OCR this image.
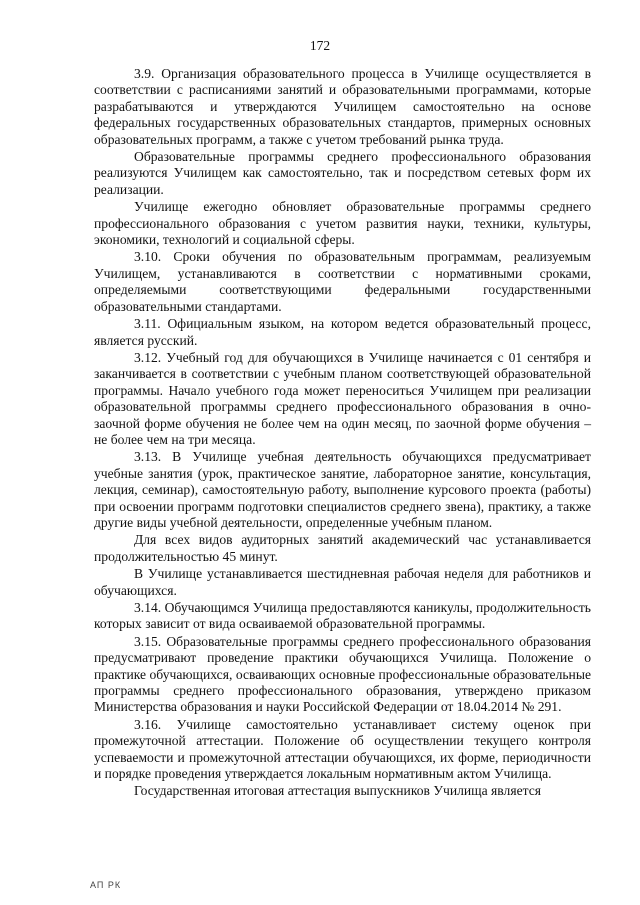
172

3.9. Организация образовательного процесса в Училище осуществляется в соответствии с расписаниями занятий и образовательными программами, которые разрабатываются и утверждаются Училищем самостоятельно на основе федеральных государственных образовательных стандартов, примерных основных образовательных программ, а также с учетом требований рынка труда.

Образовательные программы среднего профессионального образования реализуются Училищем как самостоятельно, так и посредством сетевых форм их реализации.

Училище ежегодно обновляет образовательные программы среднего профессионального образования с учетом развития науки, техники, культуры, экономики, технологий и социальной сферы.

3.10. Сроки обучения по образовательным программам, реализуемым Училищем, устанавливаются в соответствии с нормативными сроками, определяемыми соответствующими федеральными государственными образовательными стандартами.

3.11. Официальным языком, на котором ведется образовательный процесс, является русский.

3.12. Учебный год для обучающихся в Училище начинается с 01 сентября и заканчивается в соответствии с учебным планом соответствующей образовательной программы. Начало учебного года может переноситься Училищем при реализации образовательной программы среднего профессионального образования в очно-заочной форме обучения не более чем на один месяц, по заочной форме обучения – не более чем на три месяца.

3.13. В Училище учебная деятельность обучающихся предусматривает учебные занятия (урок, практическое занятие, лабораторное занятие, консультация, лекция, семинар), самостоятельную работу, выполнение курсового проекта (работы) при освоении программ подготовки специалистов среднего звена), практику, а также другие виды учебной деятельности, определенные учебным планом.

Для всех видов аудиторных занятий академический час устанавливается продолжительностью 45 минут.

В Училище устанавливается шестидневная рабочая неделя для работников и обучающихся.

3.14. Обучающимся Училища предоставляются каникулы, продолжительность которых зависит от вида осваиваемой образовательной программы.

3.15. Образовательные программы среднего профессионального образования предусматривают проведение практики обучающихся Училища. Положение о практике обучающихся, осваивающих основные профессиональные образовательные программы среднего профессионального образования, утверждено приказом Министерства образования и науки Российской Федерации от 18.04.2014 № 291.

3.16. Училище самостоятельно устанавливает систему оценок при промежуточной аттестации. Положение об осуществлении текущего контроля успеваемости и промежуточной аттестации обучающихся, их форме, периодичности и порядке проведения утверждается локальным нормативным актом Училища.

Государственная итоговая аттестация выпускников Училища является

АП РК
